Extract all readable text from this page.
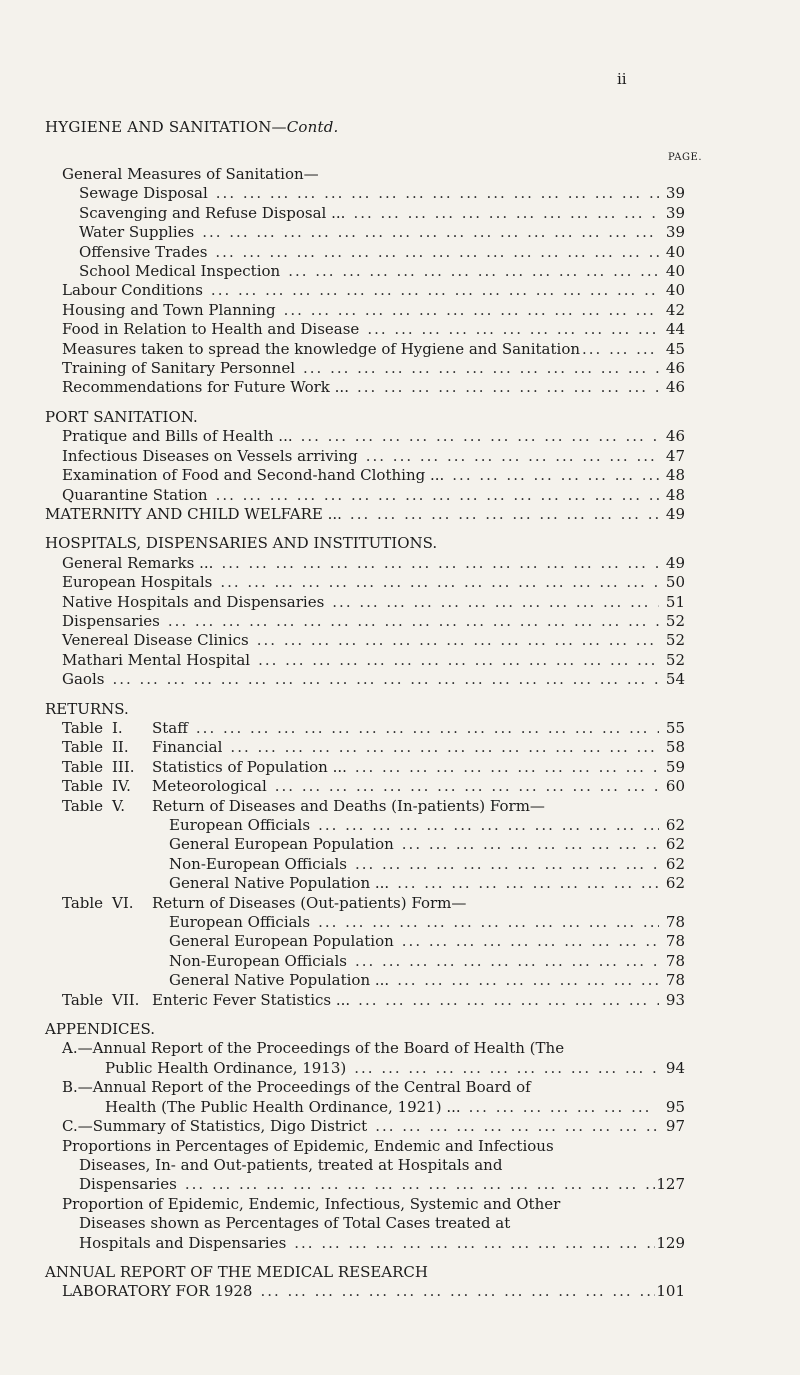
ii
HYGIENE AND SANITATION—Contd.
PAGE.
General Measures of Sanitation—
Sewage Disposal ... .	39
Scavenging and Refuse Disposal ... ... .	39
Water Supplies ... .	39
Offensive Trades ... .	40
School Medical Inspection ... .	40
Labour Conditions ... .	40
Housing and Town Planning ... .	42
Food in Relation to Health and Disease ... .	44
Measures taken to spread the knowledge of Hygiene and Sanitation ... .	45
Training of Sanitary Personnel ... .	46
Recommendations for Future Work ... ... .	46
PORT SANITATION.
Pratique and Bills of Health ... ... .	46
Infectious Diseases on Vessels arriving ... .	47
Examination of Food and Second-hand Clothing ... ... .	48
Quarantine Station ... .	48
MATERNITY AND CHILD WELFARE ... ... .	49
HOSPITALS, DISPENSARIES AND INSTITUTIONS.
General Remarks ... ... .	49
European Hospitals ... .	50
Native Hospitals and Dispensaries ... .	51
Dispensaries ... .	52
Venereal Disease Clinics ... .	52
Mathari Mental Hospital ... .	52
Gaols ... .	54
RETURNS.
Table I. Staff ... .	55
Table II. Financial ... .	58
Table III. Statistics of Population ... ... .	59
Table IV. Meteorological ... .	60
Table V. Return of Diseases and Deaths (In-patients) Form—
European Officials ... .	62
General European Population ... .	62
Non-European Officials ... .	62
General Native Population ... ... .	62
Table VI. Return of Diseases (Out-patients) Form—
European Officials ... .	78
General European Population ... .	78
Non-European Officials ... .	78
General Native Population ... ... .	78
Table VII. Enteric Fever Statistics ... ... .	93
APPENDICES.
A.—Annual Report of the Proceedings of the Board of Health (The
Public Health Ordinance, 1913) ... .	94
B.—Annual Report of the Proceedings of the Central Board of
Health (The Public Health Ordinance, 1921) ... ... .	95
C.—Summary of Statistics, Digo District ... .	97
Proportions in Percentages of Epidemic, Endemic and Infectious
Diseases, In- and Out-patients, treated at Hospitals and
Dispensaries ... .	127
Proportion of Epidemic, Endemic, Infectious, Systemic and Other
Diseases shown as Percentages of Total Cases treated at
Hospitals and Dispensaries ... .	129
ANNUAL REPORT OF THE MEDICAL RESEARCH
LABORATORY FOR 1928 ... .	101
